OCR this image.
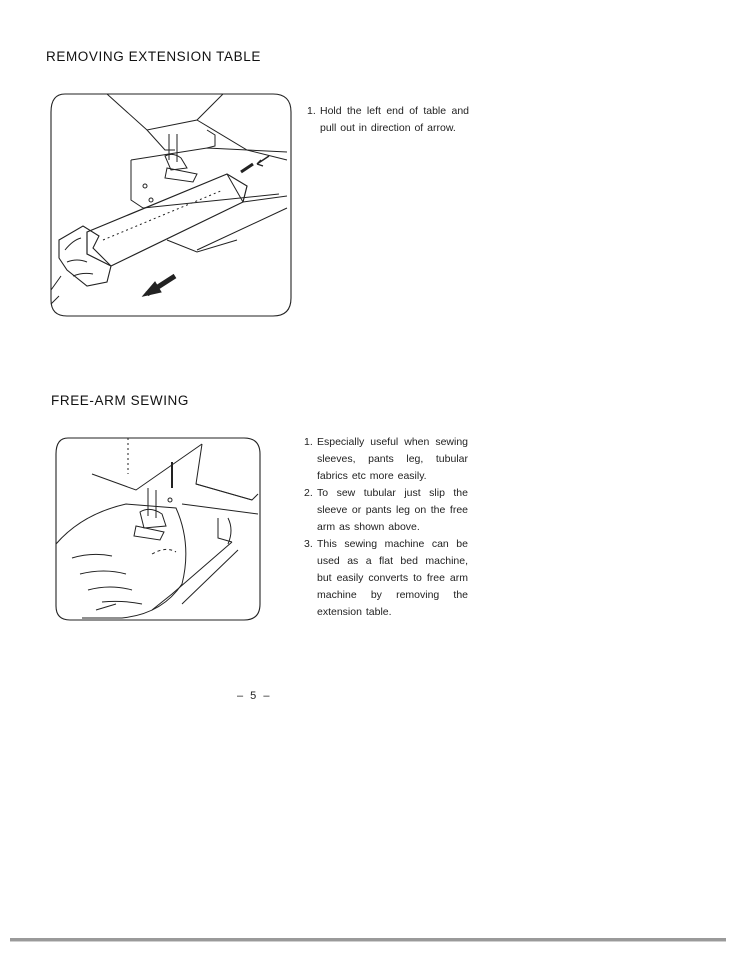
REMOVING EXTENSION TABLE
1. Hold the left end of table and pull out in direction of arrow.
FREE-ARM SEWING
1. Especially useful when sewing sleeves, pants leg, tubular fabrics etc more easily.
2. To sew tubular just slip the sleeve or pants leg on the free arm as shown above.
3. This sewing machine can be used as a flat bed machine, but easily converts to free arm machine by removing the extension table.
– 5 –
